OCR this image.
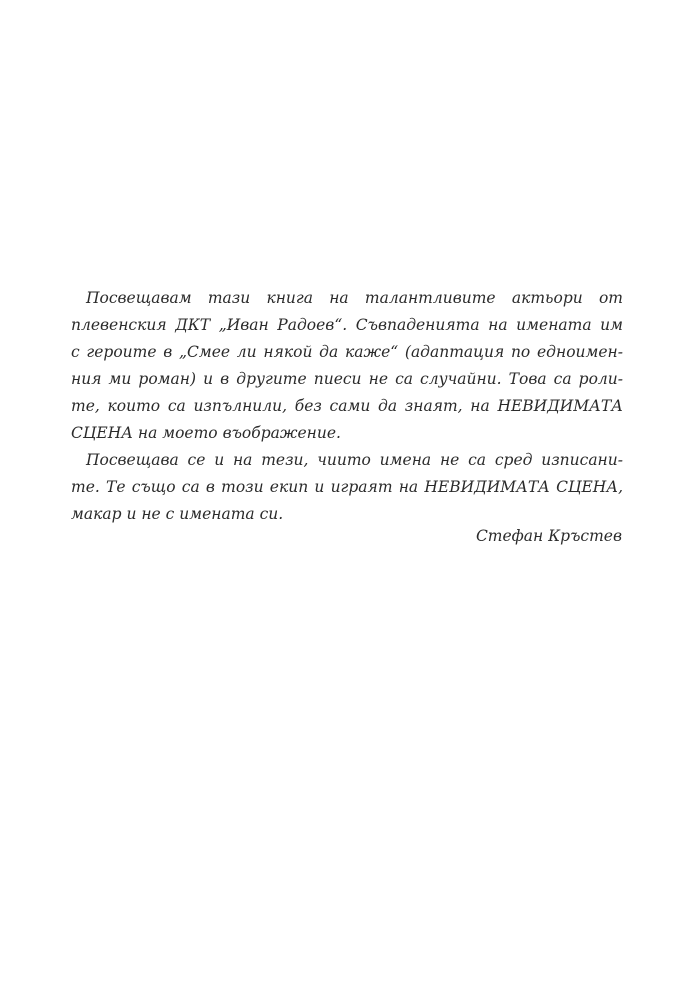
Посвещавам тази книга на талантливите актьори от
плевенския ДКТ „Иван Радоев“. Съвпаденията на имената им
с героите в „Смее ли някой да каже“ (адаптация по едноимен-
ния ми роман) и в другите пиеси не са случайни. Това са роли-
те, които са изпълнили, без сами да знаят, на НЕВИДИМАТА
СЦЕНА на моето въображение.
Посвещава се и на тези, чиито имена не са сред изписани-
те. Те също са в този екип и играят на НЕВИДИМАТА СЦЕНА,
макар и не с имената си.
Стефан Кръстев
